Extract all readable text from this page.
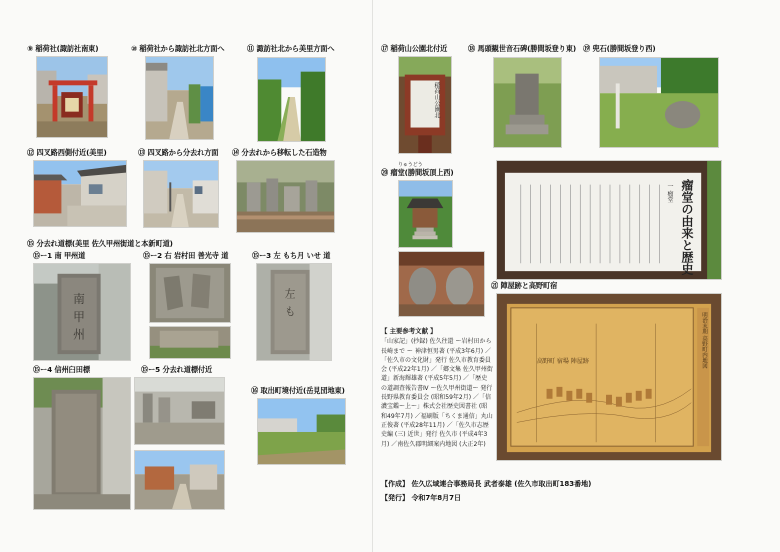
⑨ 稲荷社(諏訪社南東)	⑩ 稲荷社から諏訪社北方面へ	⑪ 諏訪社北から美里方面へ
⑫ 四叉路西側付近(美里)	⑬ 四叉路から分去れ方面 ⑭ 分去れから移転した石造物
⑮ 分去れ道標(美里 佐久甲州街道と本新町道)
⑮ー1 南 甲州道
南
甲
州
⑮ー2 右 岩村田 善光寺 道	⑮ー3 左 もち月 いせ 道
左
も
⑮ー4 信州臼田標	⑮ー5 分去れ道標付近
⑯ 取出町境付近(岳見団地東)
⑰ 稲荷山公園北付近
稲荷山公園北
⑱ 馬頭観世音石碑(勝間坂登り東) ⑲ 兜石(勝間坂登り西)
りゅうどう
⑳ 瘤堂(勝間坂頂上西)
瘤堂の由来と歴史
一 瘤堂
㉑ 陣屋跡と高野町宿
高野町 宿場 陣屋跡	明治末期 高野町内地図
【 主要参考文献 】
「山家記」(抄録) 佐久往還 ー岩村田から長崎まで ー 神津恒男著 (平成3年6月) ／「佐久市の文化財」発行 佐久市教育委員会 (平成22年1月) ／「郷文集 佐久甲州街道」新海輝雄著 (平成5年5月) ／「歴史の道調査報告書Ⅳ ー佐久甲州街道ー 発行 長野県教育委員会 (昭和59年2月) ／「信濃宝鑑ー上ー」株式会社歴史図書社 (昭和49年7月) ／福刷版「ちくま通信」丸山正俊著 (平成28年11月) ／「佐久市志歴史編 (三) 近世」発行 佐久市 (平成4年3月) ／南佐久郡明細案内地図 (大正2年)
【作成】 佐久広域連合事務局長 武者泰雄 (佐久市取出町183番地)
【発行】 令和7年8月7日
